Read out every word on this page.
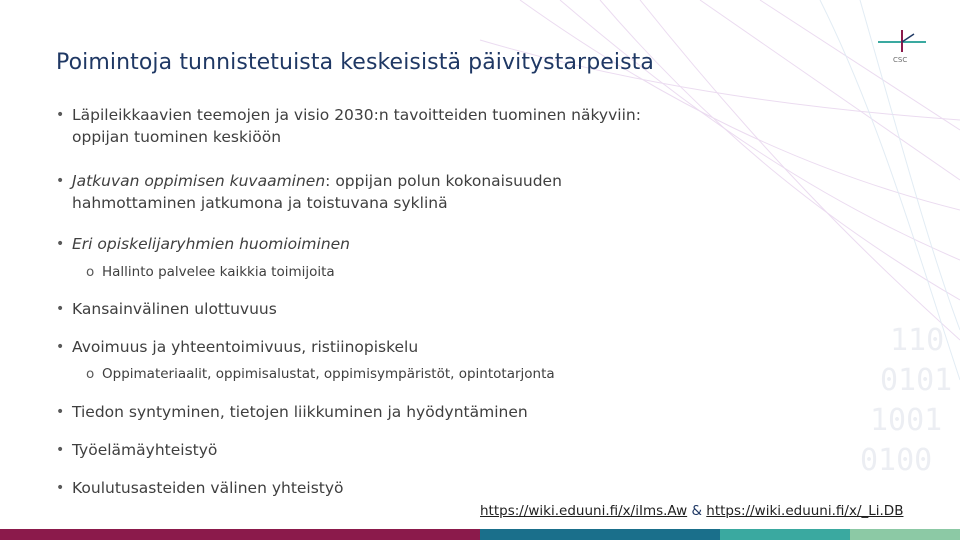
110
0101
1001
0100
Poimintoja tunnistetuista keskeisistä päivitystarpeista	CSC
• Läpileikkaavien teemojen ja visio 2030:n tavoitteiden tuominen näkyviin:
oppijan tuominen keskiöön
• Jatkuvan oppimisen kuvaaminen: oppijan polun kokonaisuuden
hahmottaminen jatkumona ja toistuvana syklinä
• Eri opiskelijaryhmien huomioiminen
o Hallinto palvelee kaikkia toimijoita
• Kansainvälinen ulottuvuus
• Avoimuus ja yhteentoimivuus, ristiinopiskelu
o Oppimateriaalit, oppimisalustat, oppimisympäristöt, opintotarjonta
• Tiedon syntyminen, tietojen liikkuminen ja hyödyntäminen
• Työelämäyhteistyö
• Koulutusasteiden välinen yhteistyö
https://wiki.eduuni.fi/x/iIms.Aw & https://wiki.eduuni.fi/x/_Li.DB
